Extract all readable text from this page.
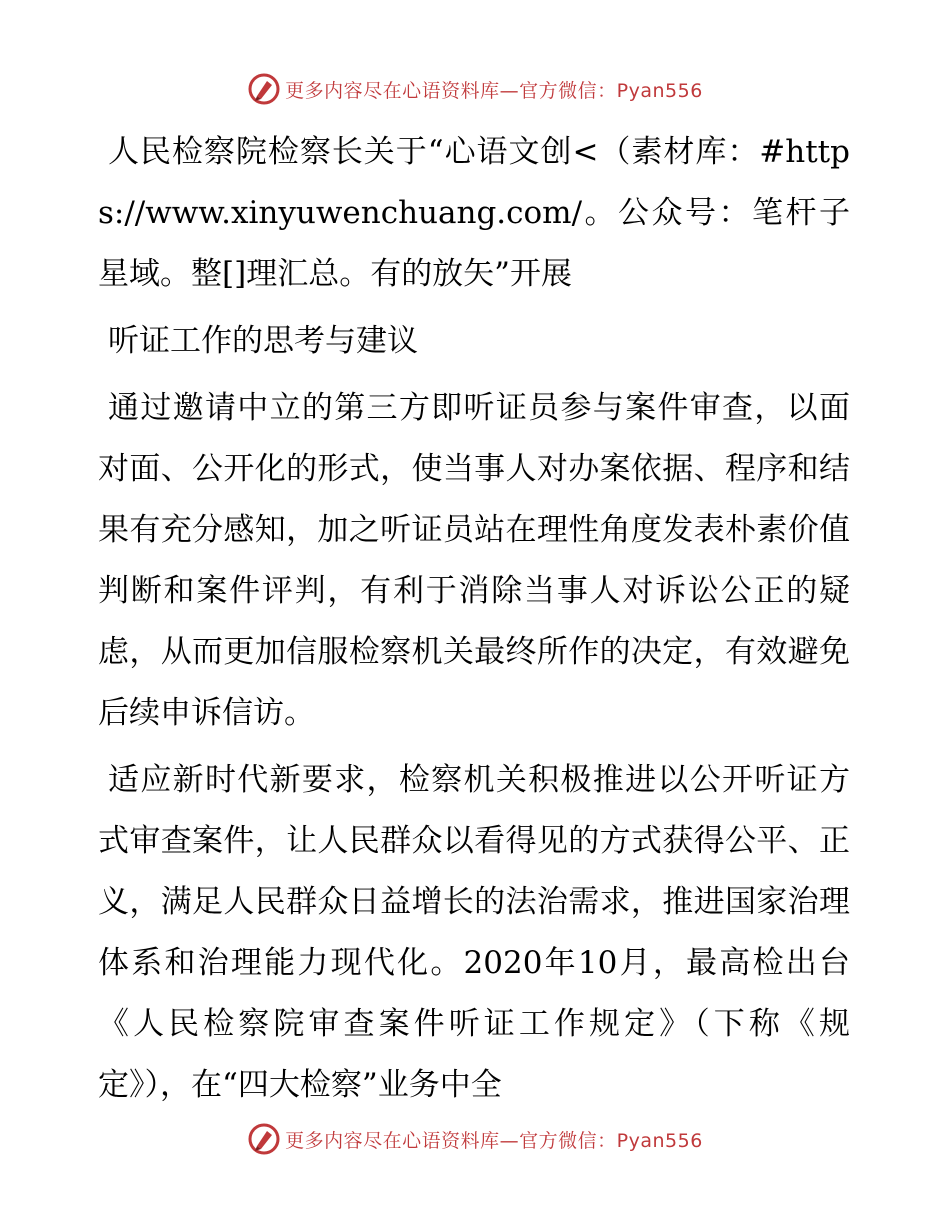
更多内容尽在心语资料库—官方微信：Pyan556

人民检察院检察长关于“心语文创<（素材库：#https://www.xinyuwenchuang.com/。公众号：笔杆子星域。整[]理汇总。有的放矢”开展

听证工作的思考与建议

通过邀请中立的第三方即听证员参与案件审查，以面对面、公开化的形式，使当事人对办案依据、程序和结果有充分感知，加之听证员站在理性角度发表朴素价值判断和案件评判，有利于消除当事人对诉讼公正的疑虑，从而更加信服检察机关最终所作的决定，有效避免后续申诉信访。

适应新时代新要求，检察机关积极推进以公开听证方式审查案件，让人民群众以看得见的方式获得公平、正义，满足人民群众日益增长的法治需求，推进国家治理体系和治理能力现代化。2020年10月，最高检出台《人民检察院审查案件听证工作规定》（下称《规定》），在“四大检察”业务中全

更多内容尽在心语资料库—官方微信：Pyan556
